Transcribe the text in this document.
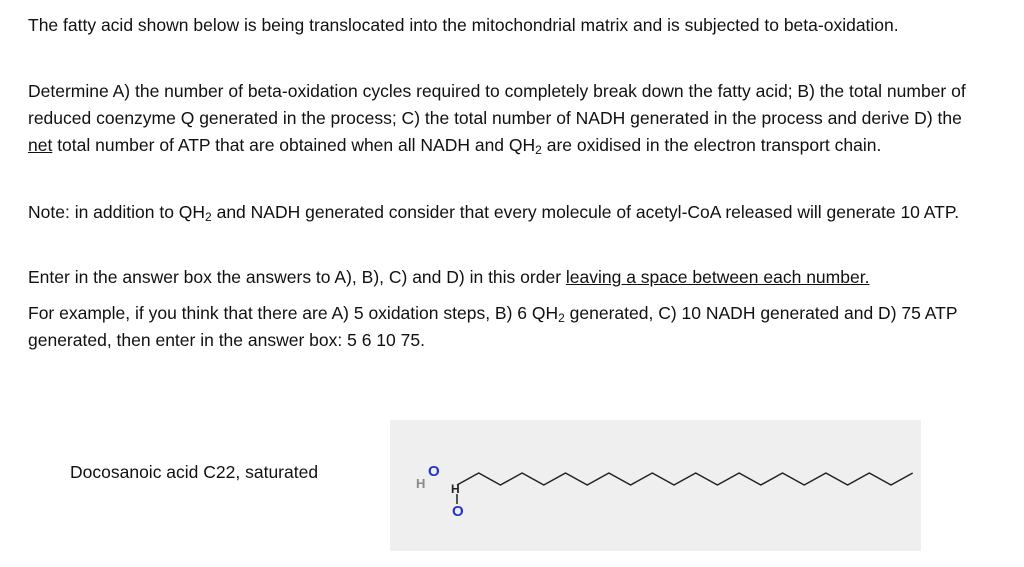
The fatty acid shown below is being translocated into the mitochondrial matrix and is subjected to beta-oxidation.

Determine A) the number of beta-oxidation cycles required to completely break down the fatty acid; B) the total number of reduced coenzyme Q generated in the process; C) the total number of NADH generated in the process and derive D) the net total number of ATP that are obtained when all NADH and $QH_2$ are oxidised in the electron transport chain.

Note: in addition to $QH_2$ and NADH generated consider that every molecule of acetyl-CoA released will generate 10 ATP.

Enter in the answer box the answers to A), B), C) and D) in this order leaving a space between each number.

For example, if you think that there are A) 5 oxidation steps, B) 6 $QH_2$ generated, C) 10 NADH generated and D) 75 ATP generated, then enter in the answer box: 5 6 10 75.

Docosanoic acid C22, saturated
H
O
H
O
